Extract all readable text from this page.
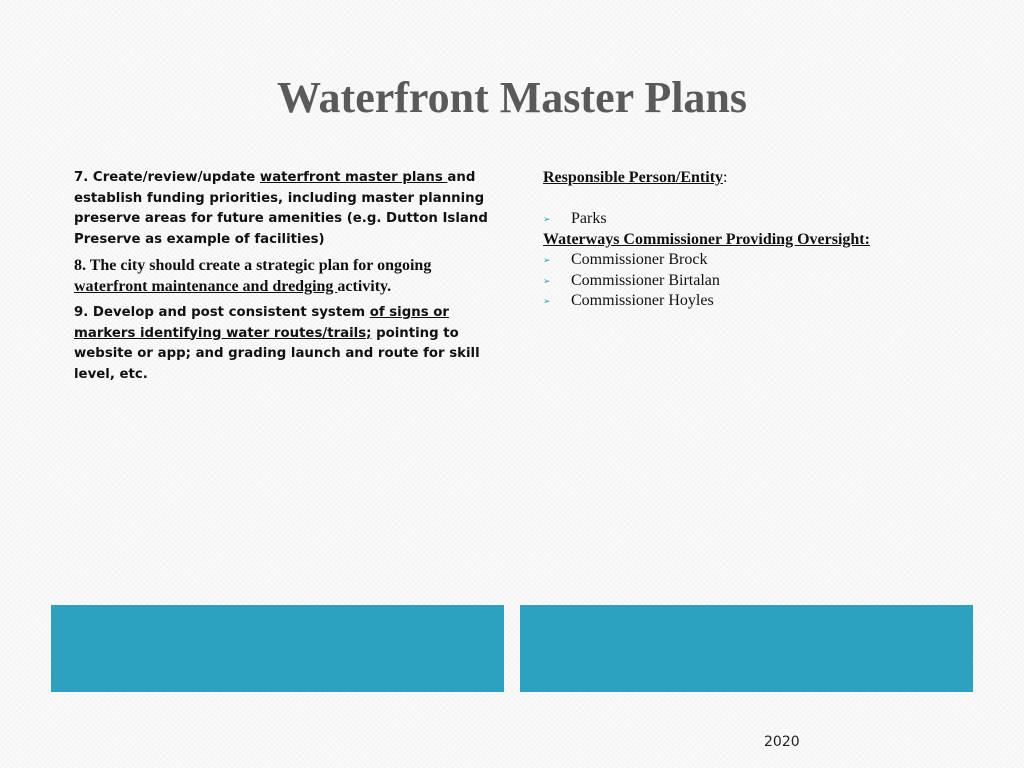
Waterfront Master Plans

7. Create/review/update waterfront master plans and establish funding priorities, including master planning preserve areas for future amenities (e.g. Dutton Island Preserve as example of facilities)

8. The city should create a strategic plan for ongoing waterfront maintenance and dredging activity.

9. Develop and post consistent system of signs or markers identifying water routes/trails; pointing to website or app; and grading launch and route for skill level, etc.

Responsible Person/Entity:

➢ Parks

Waterways Commissioner Providing Oversight:

➢ Commissioner Brock

➢ Commissioner Birtalan

➢ Commissioner Hoyles

2020
